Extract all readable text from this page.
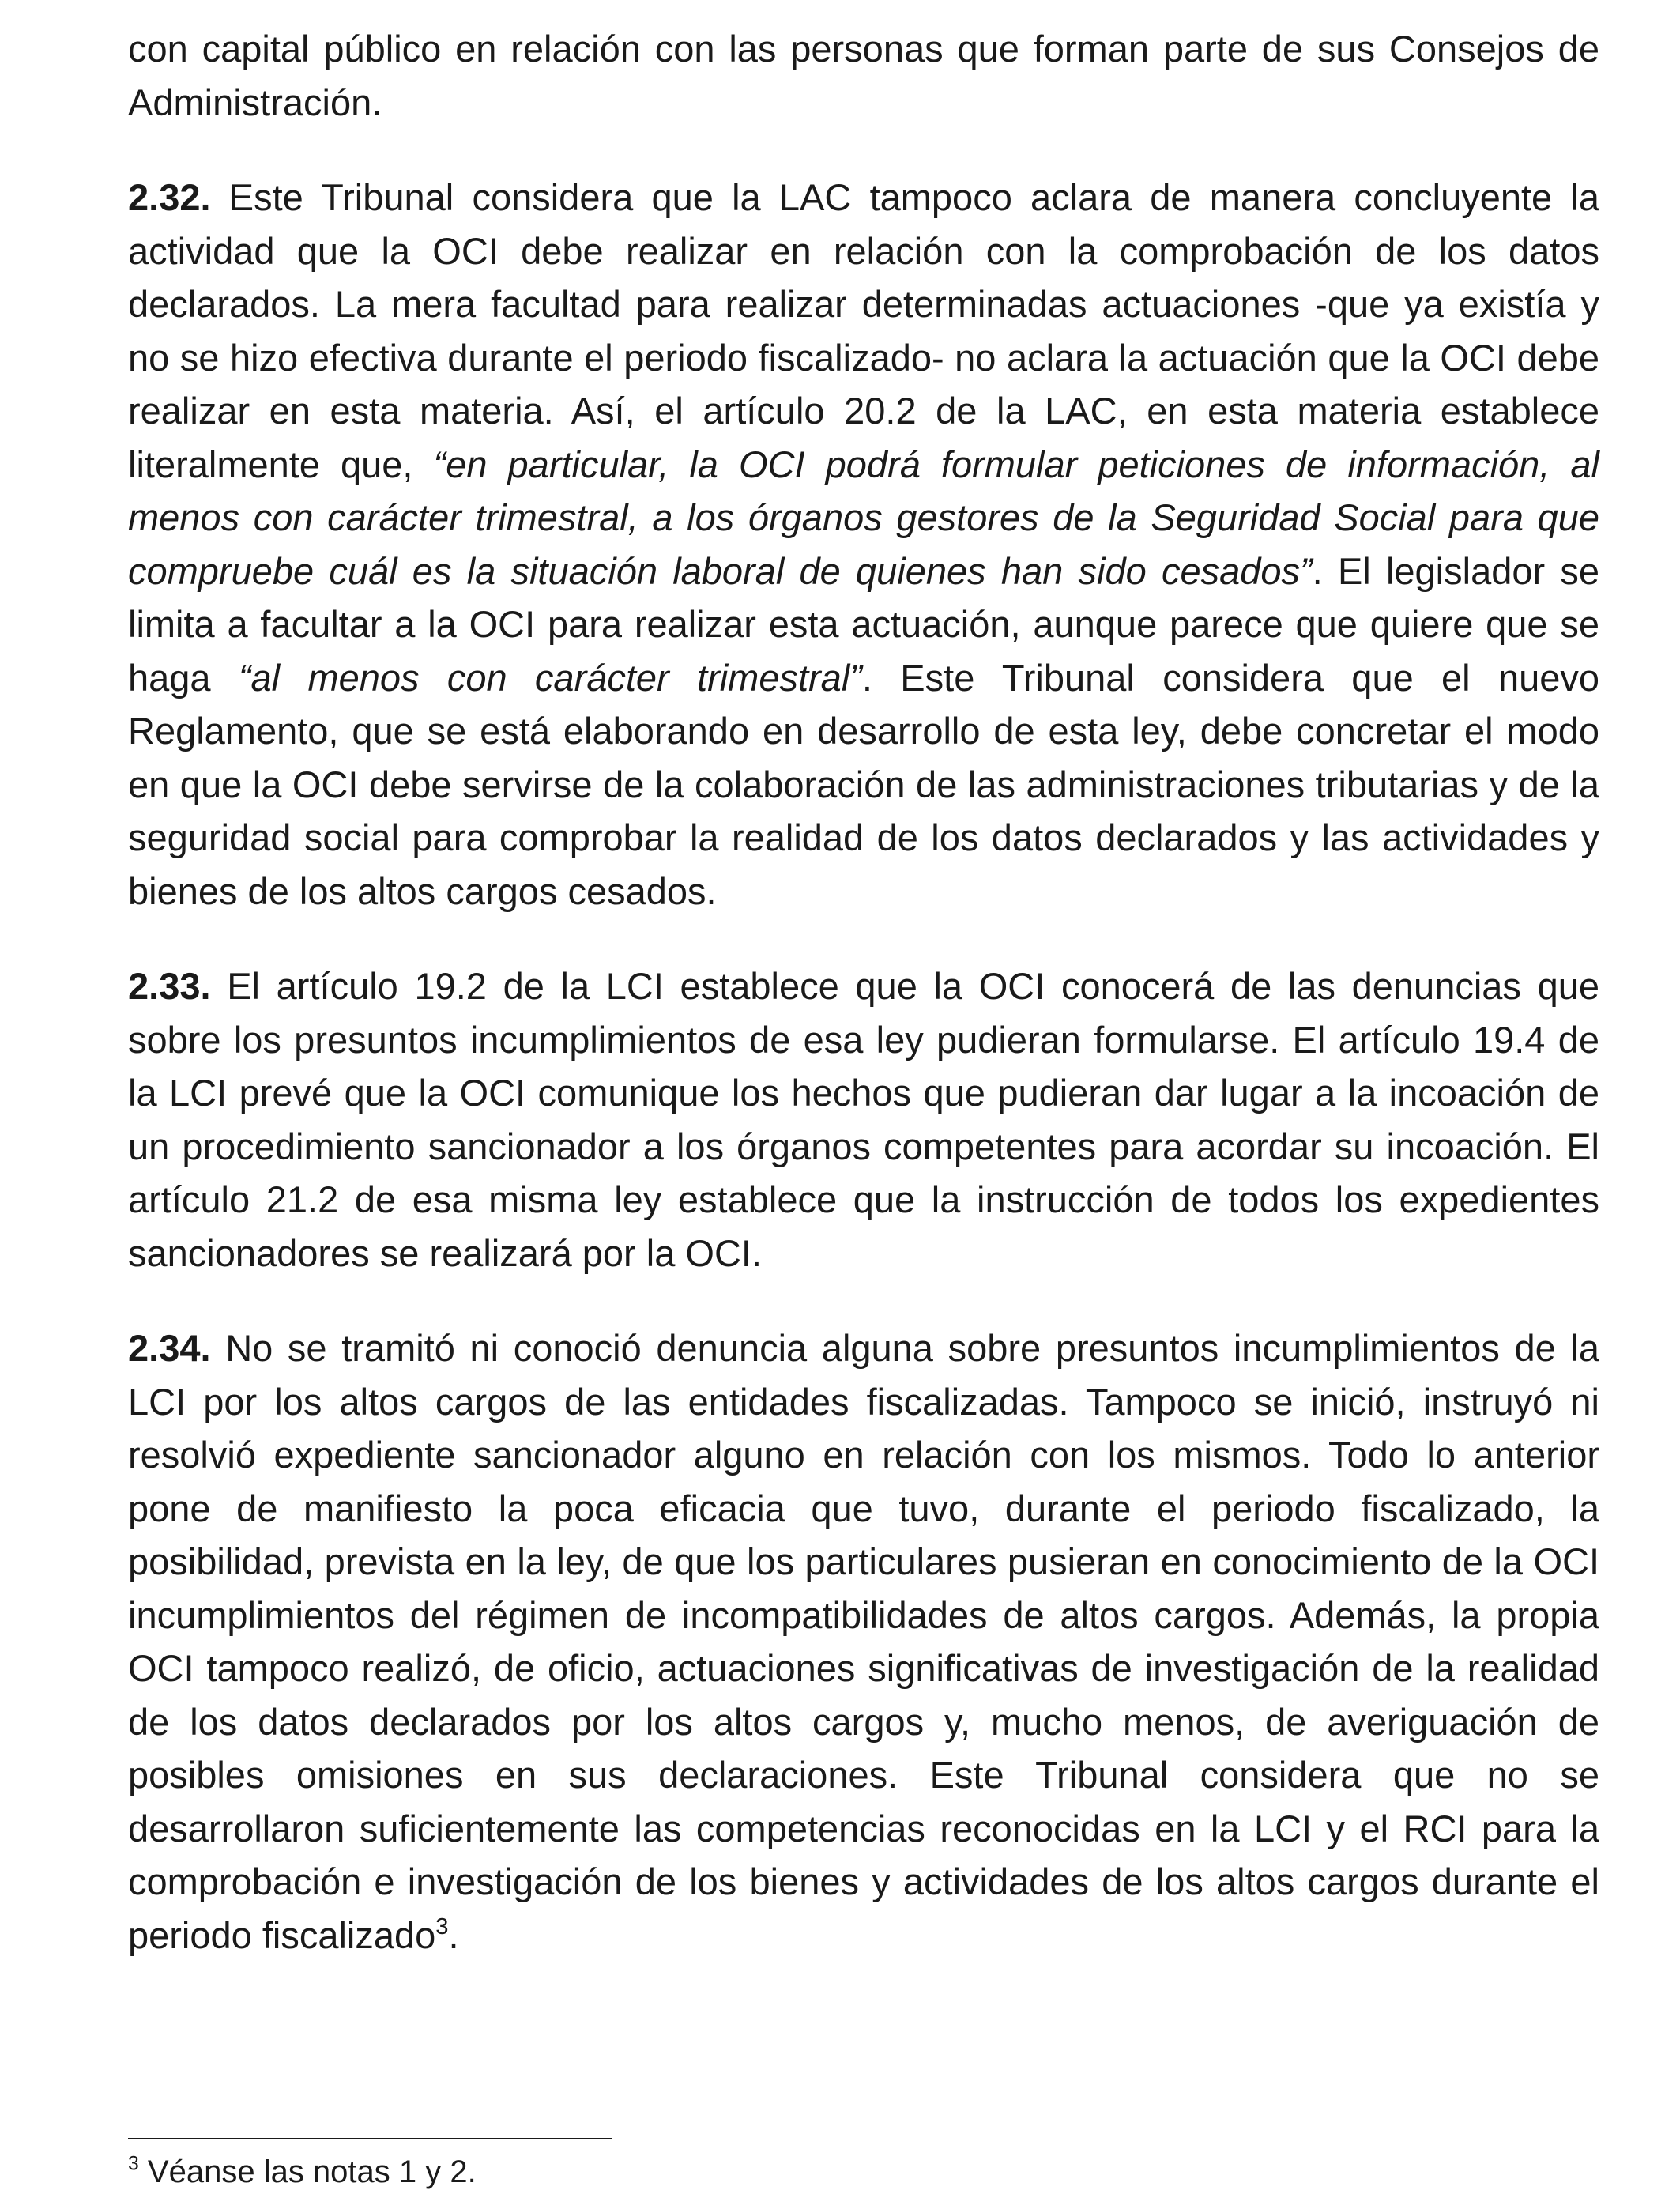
con capital público en relación con las personas que forman parte de sus Consejos de Administración.

2.32. Este Tribunal considera que la LAC tampoco aclara de manera concluyente la actividad que la OCI debe realizar en relación con la comprobación de los datos declarados. La mera facultad para realizar determinadas actuaciones -que ya existía y no se hizo efectiva durante el periodo fiscalizado- no aclara la actuación que la OCI debe realizar en esta materia. Así, el artículo 20.2 de la LAC, en esta materia establece literalmente que, “en particular, la OCI podrá formular peticiones de información, al menos con carácter trimestral, a los órganos gestores de la Seguridad Social para que compruebe cuál es la situación laboral de quienes han sido cesados”. El legislador se limita a facultar a la OCI para realizar esta actuación, aunque parece que quiere que se haga “al menos con carácter trimestral”. Este Tribunal considera que el nuevo Reglamento, que se está elaborando en desarrollo de esta ley, debe concretar el modo en que la OCI debe servirse de la colaboración de las administraciones tributarias y de la seguridad social para comprobar la realidad de los datos declarados y las actividades y bienes de los altos cargos cesados.

2.33. El artículo 19.2 de la LCI establece que la OCI conocerá de las denuncias que sobre los presuntos incumplimientos de esa ley pudieran formularse. El artículo 19.4 de la LCI prevé que la OCI comunique los hechos que pudieran dar lugar a la incoación de un procedimiento sancionador a los órganos competentes para acordar su incoación. El artículo 21.2 de esa misma ley establece que la instrucción de todos los expedientes sancionadores se realizará por la OCI.

2.34. No se tramitó ni conoció denuncia alguna sobre presuntos incumplimientos de la LCI por los altos cargos de las entidades fiscalizadas. Tampoco se inició, instruyó ni resolvió expediente sancionador alguno en relación con los mismos. Todo lo anterior pone de manifiesto la poca eficacia que tuvo, durante el periodo fiscalizado, la posibilidad, prevista en la ley, de que los particulares pusieran en conocimiento de la OCI incumplimientos del régimen de incompatibilidades de altos cargos. Además, la propia OCI tampoco realizó, de oficio, actuaciones significativas de investigación de la realidad de los datos declarados por los altos cargos y, mucho menos, de averiguación de posibles omisiones en sus declaraciones. Este Tribunal considera que no se desarrollaron suficientemente las competencias reconocidas en la LCI y el RCI para la comprobación e investigación de los bienes y actividades de los altos cargos durante el periodo fiscalizado$^3$.

$^3$ Véanse las notas 1 y 2.
